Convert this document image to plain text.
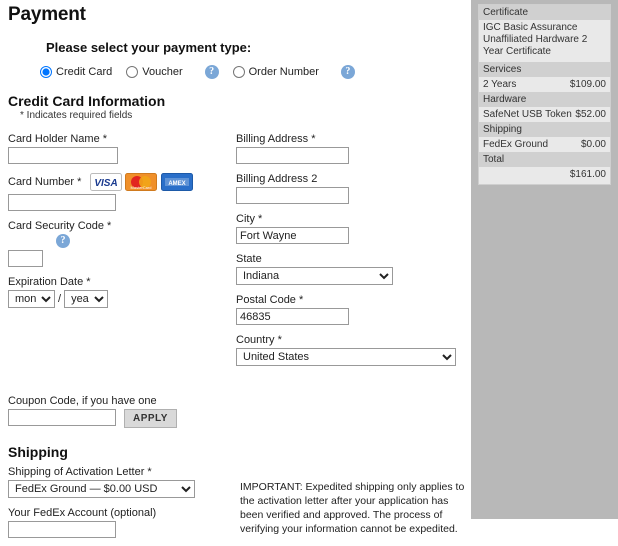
Payment
Please select your payment type:
Credit Card	Voucher	?	Order Number	?
Credit Card Information
* Indicates required fields
Card Holder Name *
Card Number * VISA
	MasterCard

AMEX
Card Security Code *
?
Expiration Date *
month
/
year
Billing Address *
Billing Address 2
City *
Fort Wayne
State
Indiana
Postal Code *
46835
Country *
United States
Coupon Code, if you have one
APPLY
Shipping
Shipping of Activation Letter *
FedEx Ground — $0.00 USD
Your FedEx Account (optional)
IMPORTANT: Expedited shipping only applies to the activation letter after your application has been verified and approved. The process of verifying your information cannot be expedited.
Certificate
IGC Basic Assurance Unaffiliated Hardware 2 Year Certificate
Services
2 Years	$109.00
Hardware
SafeNet USB Token $52.00
Shipping
FedEx Ground	$0.00
Total
$161.00
